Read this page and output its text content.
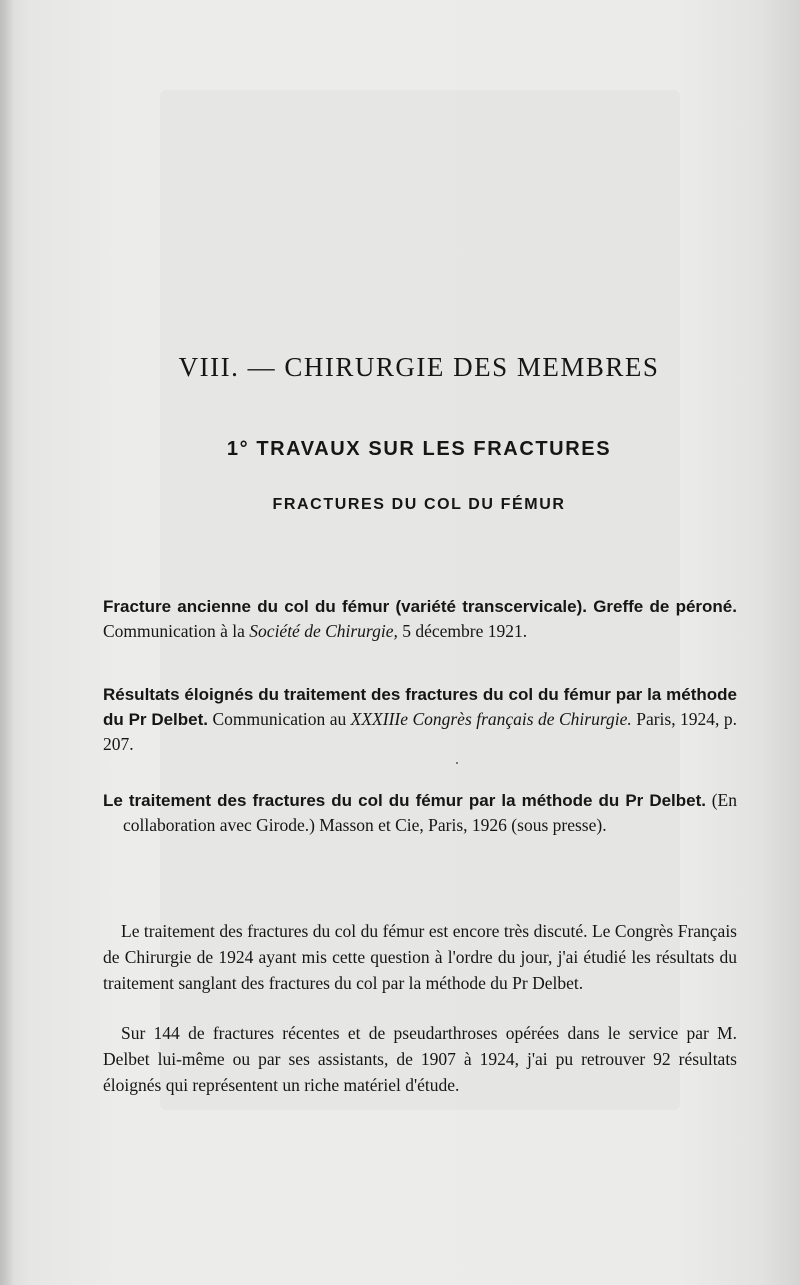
VIII. — CHIRURGIE DES MEMBRES
1° TRAVAUX SUR LES FRACTURES
FRACTURES DU COL DU FÉMUR
Fracture ancienne du col du fémur (variété transcervicale). Greffe de péroné. Communication à la Société de Chirurgie, 5 décembre 1921.
Résultats éloignés du traitement des fractures du col du fémur par la méthode du Pr Delbet. Communication au XXXIIIe Congrès français de Chirurgie. Paris, 1924, p. 207.
Le traitement des fractures du col du fémur par la méthode du Pr Delbet. (En collaboration avec Girode.) Masson et Cie, Paris, 1926 (sous presse).
Le traitement des fractures du col du fémur est encore très discuté. Le Congrès Français de Chirurgie de 1924 ayant mis cette question à l'ordre du jour, j'ai étudié les résultats du traitement sanglant des fractures du col par la méthode du Pr Delbet.
Sur 144 de fractures récentes et de pseudarthroses opérées dans le service par M. Delbet lui-même ou par ses assistants, de 1907 à 1924, j'ai pu retrouver 92 résultats éloignés qui représentent un riche matériel d'étude.
